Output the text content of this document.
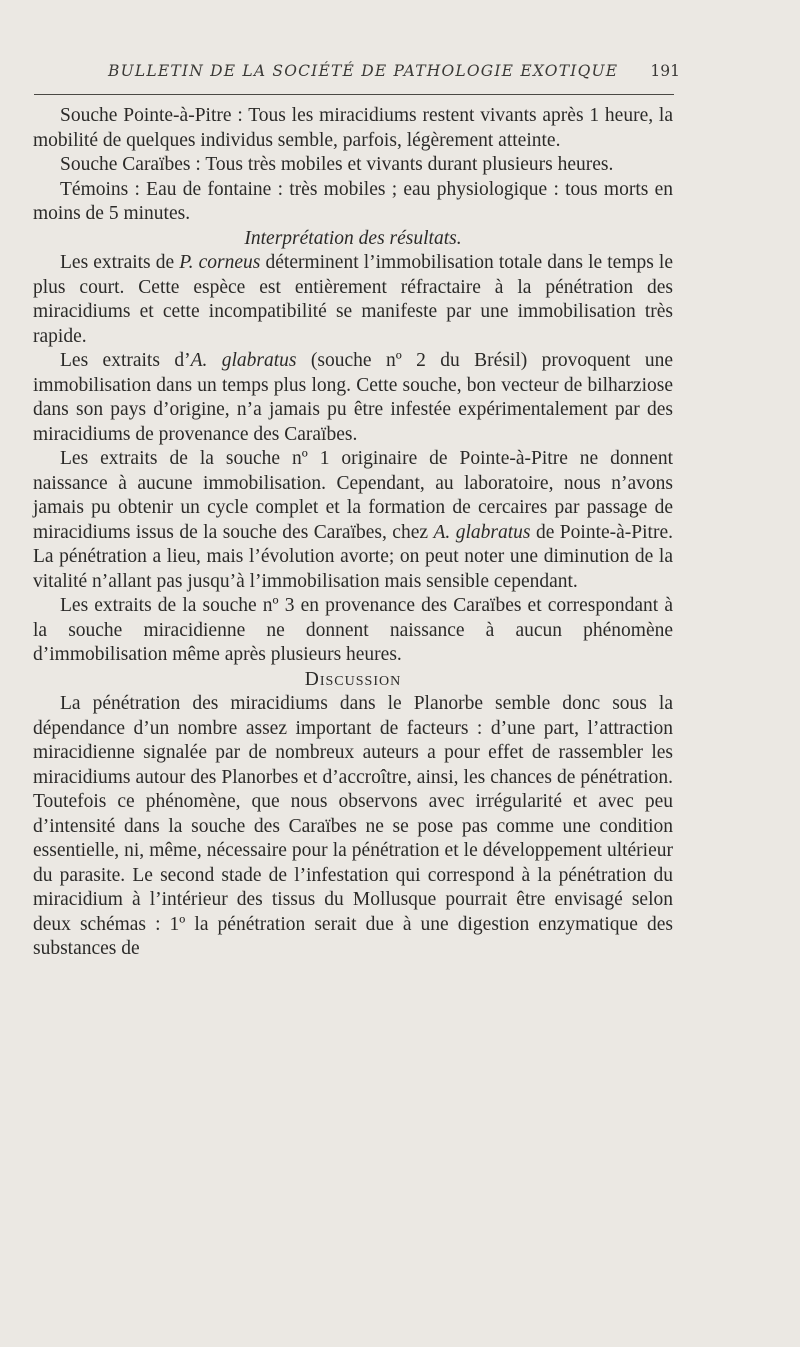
BULLETIN DE LA SOCIÉTÉ DE PATHOLOGIE EXOTIQUE 191

Souche Pointe-à-Pitre : Tous les miracidiums restent vivants après 1 heure, la mobilité de quelques individus semble, parfois, légèrement atteinte.

Souche Caraïbes : Tous très mobiles et vivants durant plusieurs heures.

Témoins : Eau de fontaine : très mobiles ; eau physiologique : tous morts en moins de 5 minutes.

Interprétation des résultats.

Les extraits de P. corneus déterminent l’immobilisation totale dans le temps le plus court. Cette espèce est entièrement réfractaire à la pénétration des miracidiums et cette incompatibilité se manifeste par une immobilisation très rapide.

Les extraits d’A. glabratus (souche nº 2 du Brésil) provoquent une immobilisation dans un temps plus long. Cette souche, bon vecteur de bilharziose dans son pays d’origine, n’a jamais pu être infestée expérimentalement par des miracidiums de provenance des Caraïbes.

Les extraits de la souche nº 1 originaire de Pointe-à-Pitre ne donnent naissance à aucune immobilisation. Cependant, au laboratoire, nous n’avons jamais pu obtenir un cycle complet et la formation de cercaires par passage de miracidiums issus de la souche des Caraïbes, chez A. glabratus de Pointe-à-Pitre. La pénétration a lieu, mais l’évolution avorte; on peut noter une diminution de la vitalité n’allant pas jusqu’à l’immobilisation mais sensible cependant.

Les extraits de la souche nº 3 en provenance des Caraïbes et correspondant à la souche miracidienne ne donnent naissance à aucun phénomène d’immobilisation même après plusieurs heures.

Discussion

La pénétration des miracidiums dans le Planorbe semble donc sous la dépendance d’un nombre assez important de facteurs : d’une part, l’attraction miracidienne signalée par de nombreux auteurs a pour effet de rassembler les miracidiums autour des Planorbes et d’accroître, ainsi, les chances de pénétration. Toutefois ce phénomène, que nous observons avec irrégularité et avec peu d’intensité dans la souche des Caraïbes ne se pose pas comme une condition essentielle, ni, même, nécessaire pour la pénétration et le développement ultérieur du parasite. Le second stade de l’infestation qui correspond à la pénétration du miracidium à l’intérieur des tissus du Mollusque pourrait être envisagé selon deux schémas : 1º la pénétration serait due à une digestion enzymatique des substances de
